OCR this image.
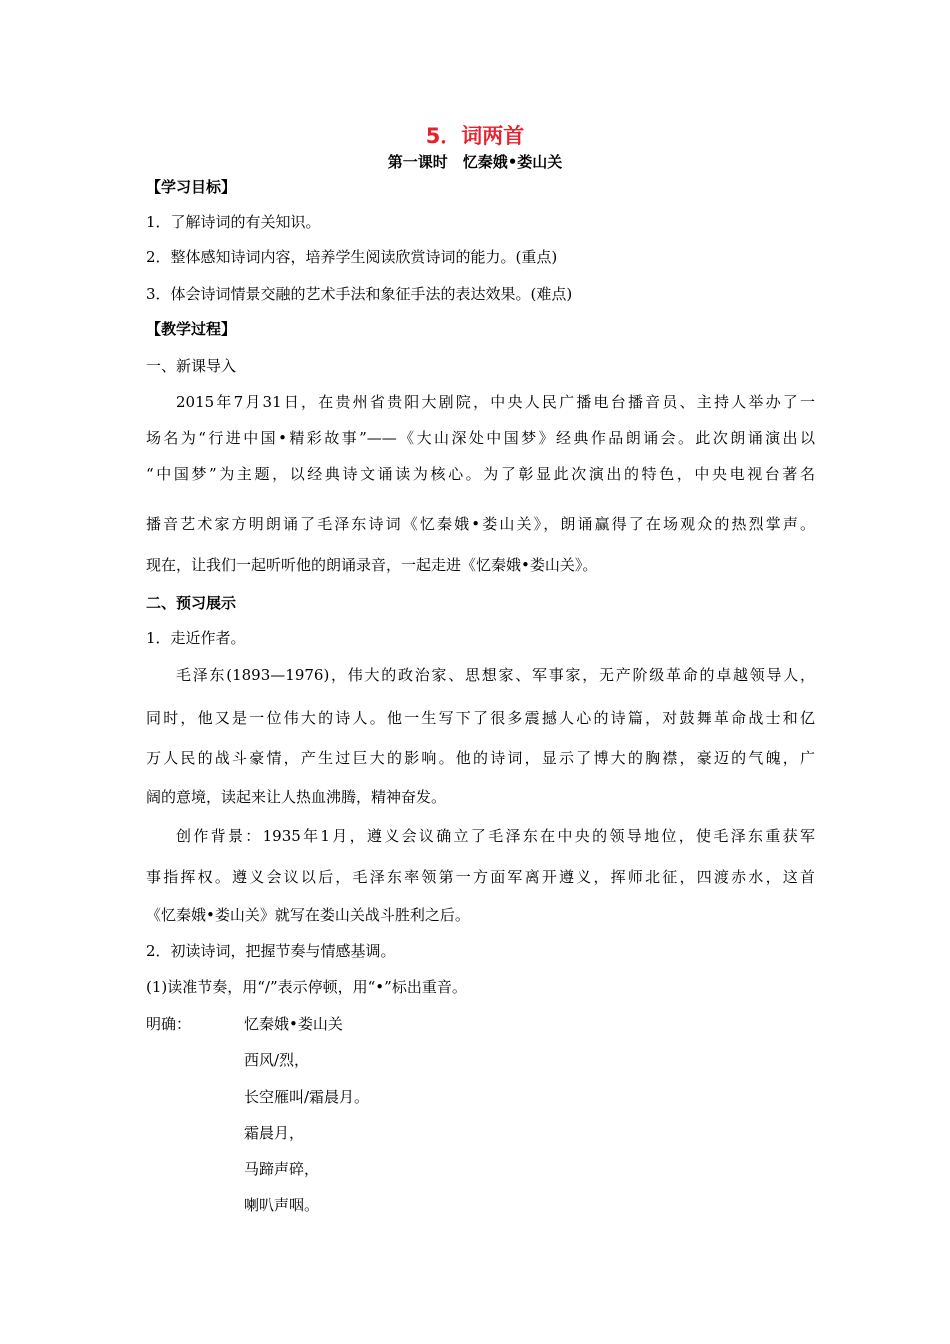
5．词两首
第一课时　忆秦娥•娄山关
【学习目标】
1．了解诗词的有关知识。
2．整体感知诗词内容，培养学生阅读欣赏诗词的能力。(重点)
3．体会诗词情景交融的艺术手法和象征手法的表达效果。(难点)
【教学过程】
一、新课导入
2015年7月31日，在贵州省贵阳大剧院，中央人民广播电台播音员、主持人举办了一
场名为“行进中国•精彩故事”——《大山深处中国梦》经典作品朗诵会。此次朗诵演出以
“中国梦”为主题，以经典诗文诵读为核心。为了彰显此次演出的特色，中央电视台著名
播音艺术家方明朗诵了毛泽东诗词《忆秦娥•娄山关》，朗诵赢得了在场观众的热烈掌声。
现在，让我们一起听听他的朗诵录音，一起走进《忆秦娥•娄山关》。
二、预习展示
1．走近作者。
毛泽东(1893—1976)，伟大的政治家、思想家、军事家，无产阶级革命的卓越领导人，
同时，他又是一位伟大的诗人。他一生写下了很多震撼人心的诗篇，对鼓舞革命战士和亿
万人民的战斗豪情，产生过巨大的影响。他的诗词，显示了博大的胸襟，豪迈的气魄，广
阔的意境，读起来让人热血沸腾，精神奋发。
创作背景：1935年1月，遵义会议确立了毛泽东在中央的领导地位，使毛泽东重获军
事指挥权。遵义会议以后，毛泽东率领第一方面军离开遵义，挥师北征，四渡赤水，这首
《忆秦娥•娄山关》就写在娄山关战斗胜利之后。
2．初读诗词，把握节奏与情感基调。
(1)读准节奏，用“/”表示停顿，用“•”标出重音。
明确：	忆秦娥•娄山关
西风/烈，
长空雁叫/霜晨月。
霜晨月，
马蹄声碎，
喇叭声咽。
